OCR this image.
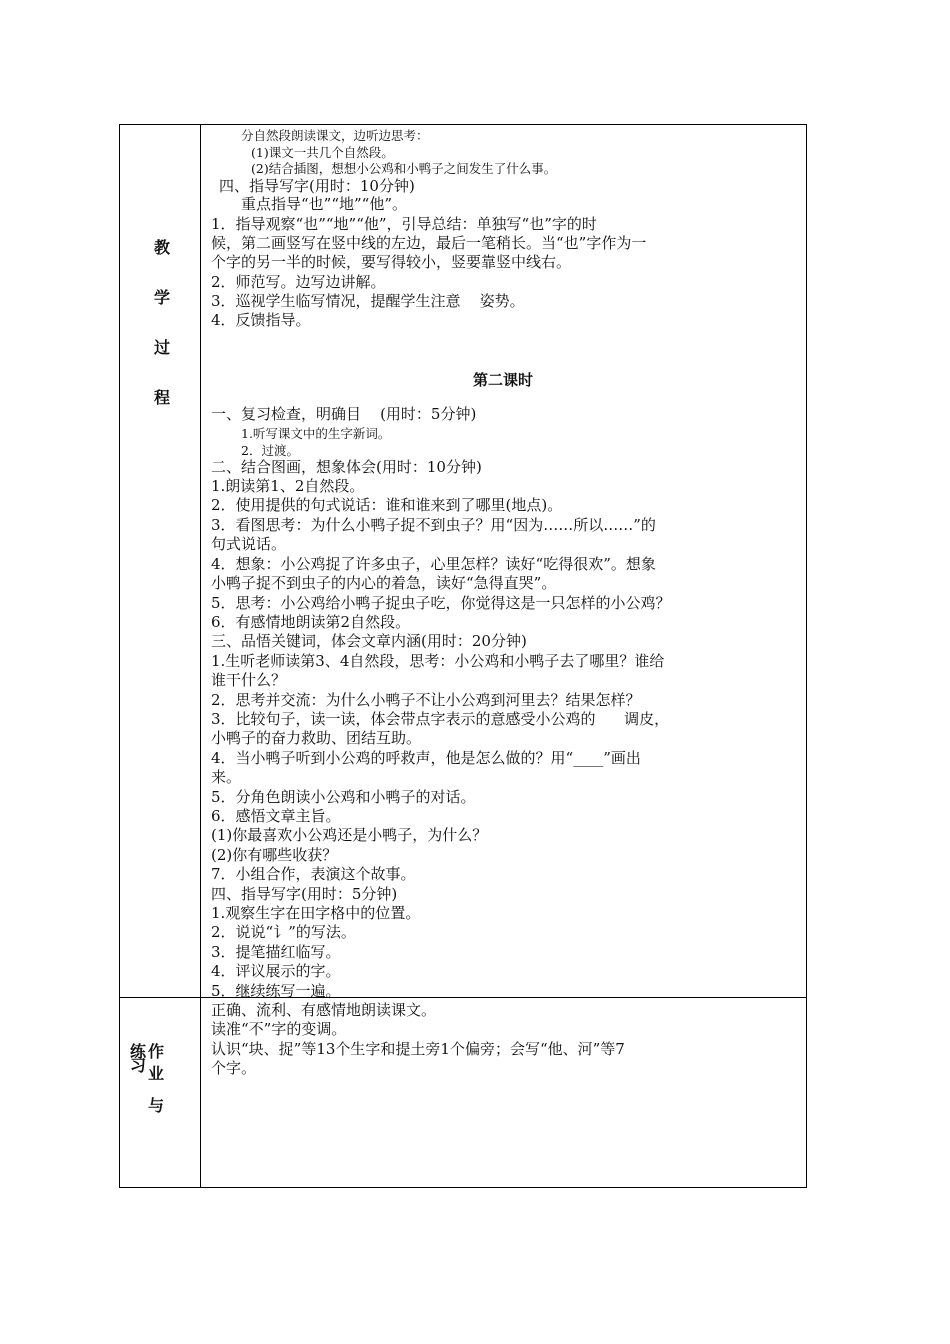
教
学
过
程
练
习
作
业
与

分自然段朗读课文，边听边思考：

(1)课文一共几个自然段。

(2)结合插图，想想小公鸡和小鸭子之间发生了什么事。

四、指导写字(用时：10分钟)

重点指导“也”“地”“他”。

1．指导观察“也”“地”“他”，引导总结：单独写“也”字的时

候，第二画竖写在竖中线的左边，最后一笔稍长。当“也”字作为一

个字的另一半的时候，要写得较小，竖要靠竖中线右。

2．师范写。边写边讲解。

3．巡视学生临写情况，提醒学生注意    姿势。

4．反馈指导。

第二课时

一、复习检查，明确目    (用时：5分钟)

1.听写课文中的生字新词。

2．过渡。

二、结合图画，想象体会(用时：10分钟)

1.朗读第1、2自然段。

2．使用提供的句式说话：谁和谁来到了哪里(地点)。

3．看图思考：为什么小鸭子捉不到虫子？用“因为……所以……”的

句式说话。

4．想象：小公鸡捉了许多虫子，心里怎样？读好“吃得很欢”。想象

小鸭子捉不到虫子的内心的着急，读好“急得直哭”。

5．思考：小公鸡给小鸭子捉虫子吃，你觉得这是一只怎样的小公鸡？

6．有感情地朗读第2自然段。

三、品悟关键词，体会文章内涵(用时：20分钟)

1.生听老师读第3、4自然段，思考：小公鸡和小鸭子去了哪里？谁给

谁干什么？

2．思考并交流：为什么小鸭子不让小公鸡到河里去？结果怎样？

3．比较句子，读一读，体会带点字表示的意感受小公鸡的      调皮，

小鸭子的奋力救助、团结互助。

4．当小鸭子听到小公鸡的呼救声，他是怎么做的？用“____”画出

来。

5．分角色朗读小公鸡和小鸭子的对话。

6．感悟文章主旨。

(1)你最喜欢小公鸡还是小鸭子，为什么？

(2)你有哪些收获？

7．小组合作，表演这个故事。

四、指导写字(用时：5分钟)

1.观察生字在田字格中的位置。

2．说说“讠”的写法。

3．提笔描红临写。

4．评议展示的字。

5．继续练写一遍。

正确、流利、有感情地朗读课文。

读准“不”字的变调。

认识“块、捉”等13个生字和提土旁1个偏旁；会写“他、河”等7

个字。
